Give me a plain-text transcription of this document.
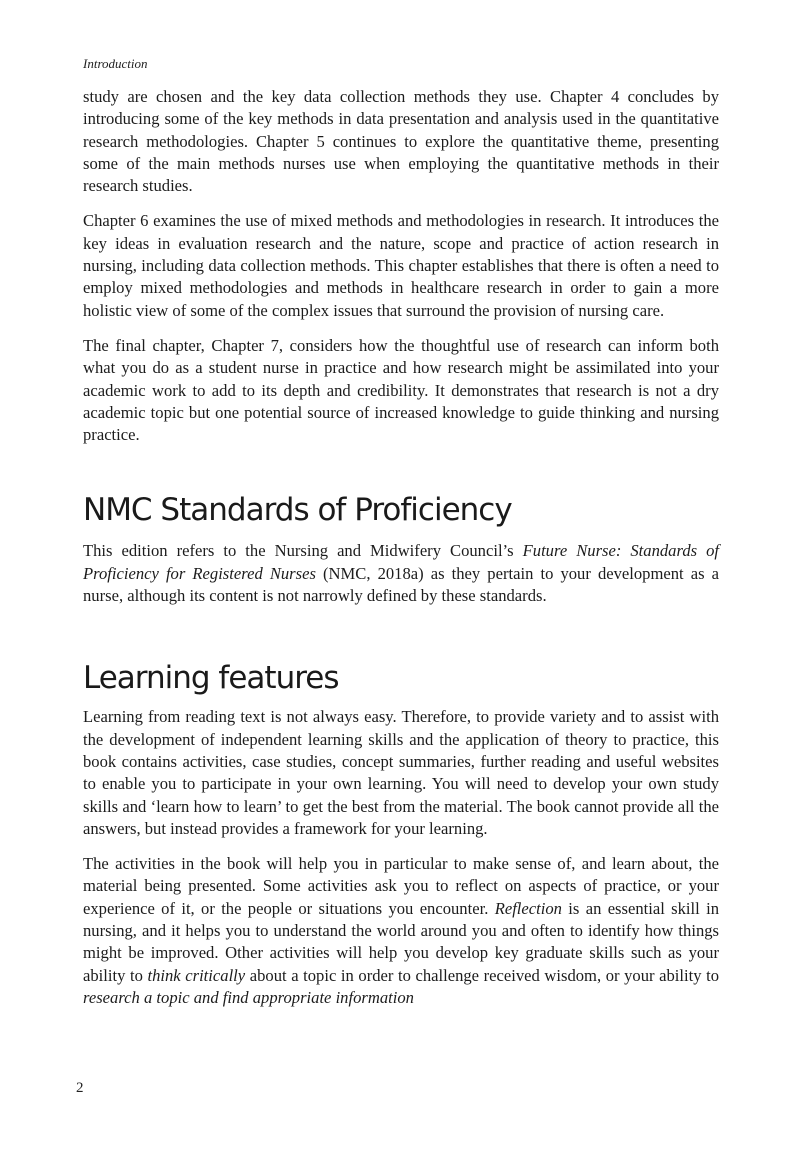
Introduction

study are chosen and the key data collection methods they use. Chapter 4 concludes by introducing some of the key methods in data presentation and analysis used in the quantitative research methodologies. Chapter 5 continues to explore the quantitative theme, presenting some of the main methods nurses use when employing the quantitative methods in their research studies.

Chapter 6 examines the use of mixed methods and methodologies in research. It introduces the key ideas in evaluation research and the nature, scope and practice of action research in nursing, including data collection methods. This chapter establishes that there is often a need to employ mixed methodologies and methods in healthcare research in order to gain a more holistic view of some of the complex issues that surround the provision of nursing care.

The final chapter, Chapter 7, considers how the thoughtful use of research can inform both what you do as a student nurse in practice and how research might be assimilated into your academic work to add to its depth and credibility. It demonstrates that research is not a dry academic topic but one potential source of increased knowledge to guide thinking and nursing practice.

NMC Standards of Proficiency

This edition refers to the Nursing and Midwifery Council’s Future Nurse: Standards of Proficiency for Registered Nurses (NMC, 2018a) as they pertain to your development as a nurse, although its content is not narrowly defined by these standards.

Learning features

Learning from reading text is not always easy. Therefore, to provide variety and to assist with the development of independent learning skills and the application of theory to practice, this book contains activities, case studies, concept summaries, further reading and useful websites to enable you to participate in your own learning. You will need to develop your own study skills and ‘learn how to learn’ to get the best from the material. The book cannot provide all the answers, but instead provides a framework for your learning.

The activities in the book will help you in particular to make sense of, and learn about, the material being presented. Some activities ask you to reflect on aspects of practice, or your experience of it, or the people or situations you encounter. Reflection is an essential skill in nursing, and it helps you to understand the world around you and often to identify how things might be improved. Other activities will help you develop key graduate skills such as your ability to think critically about a topic in order to challenge received wisdom, or your ability to research a topic and find appropriate information

2
